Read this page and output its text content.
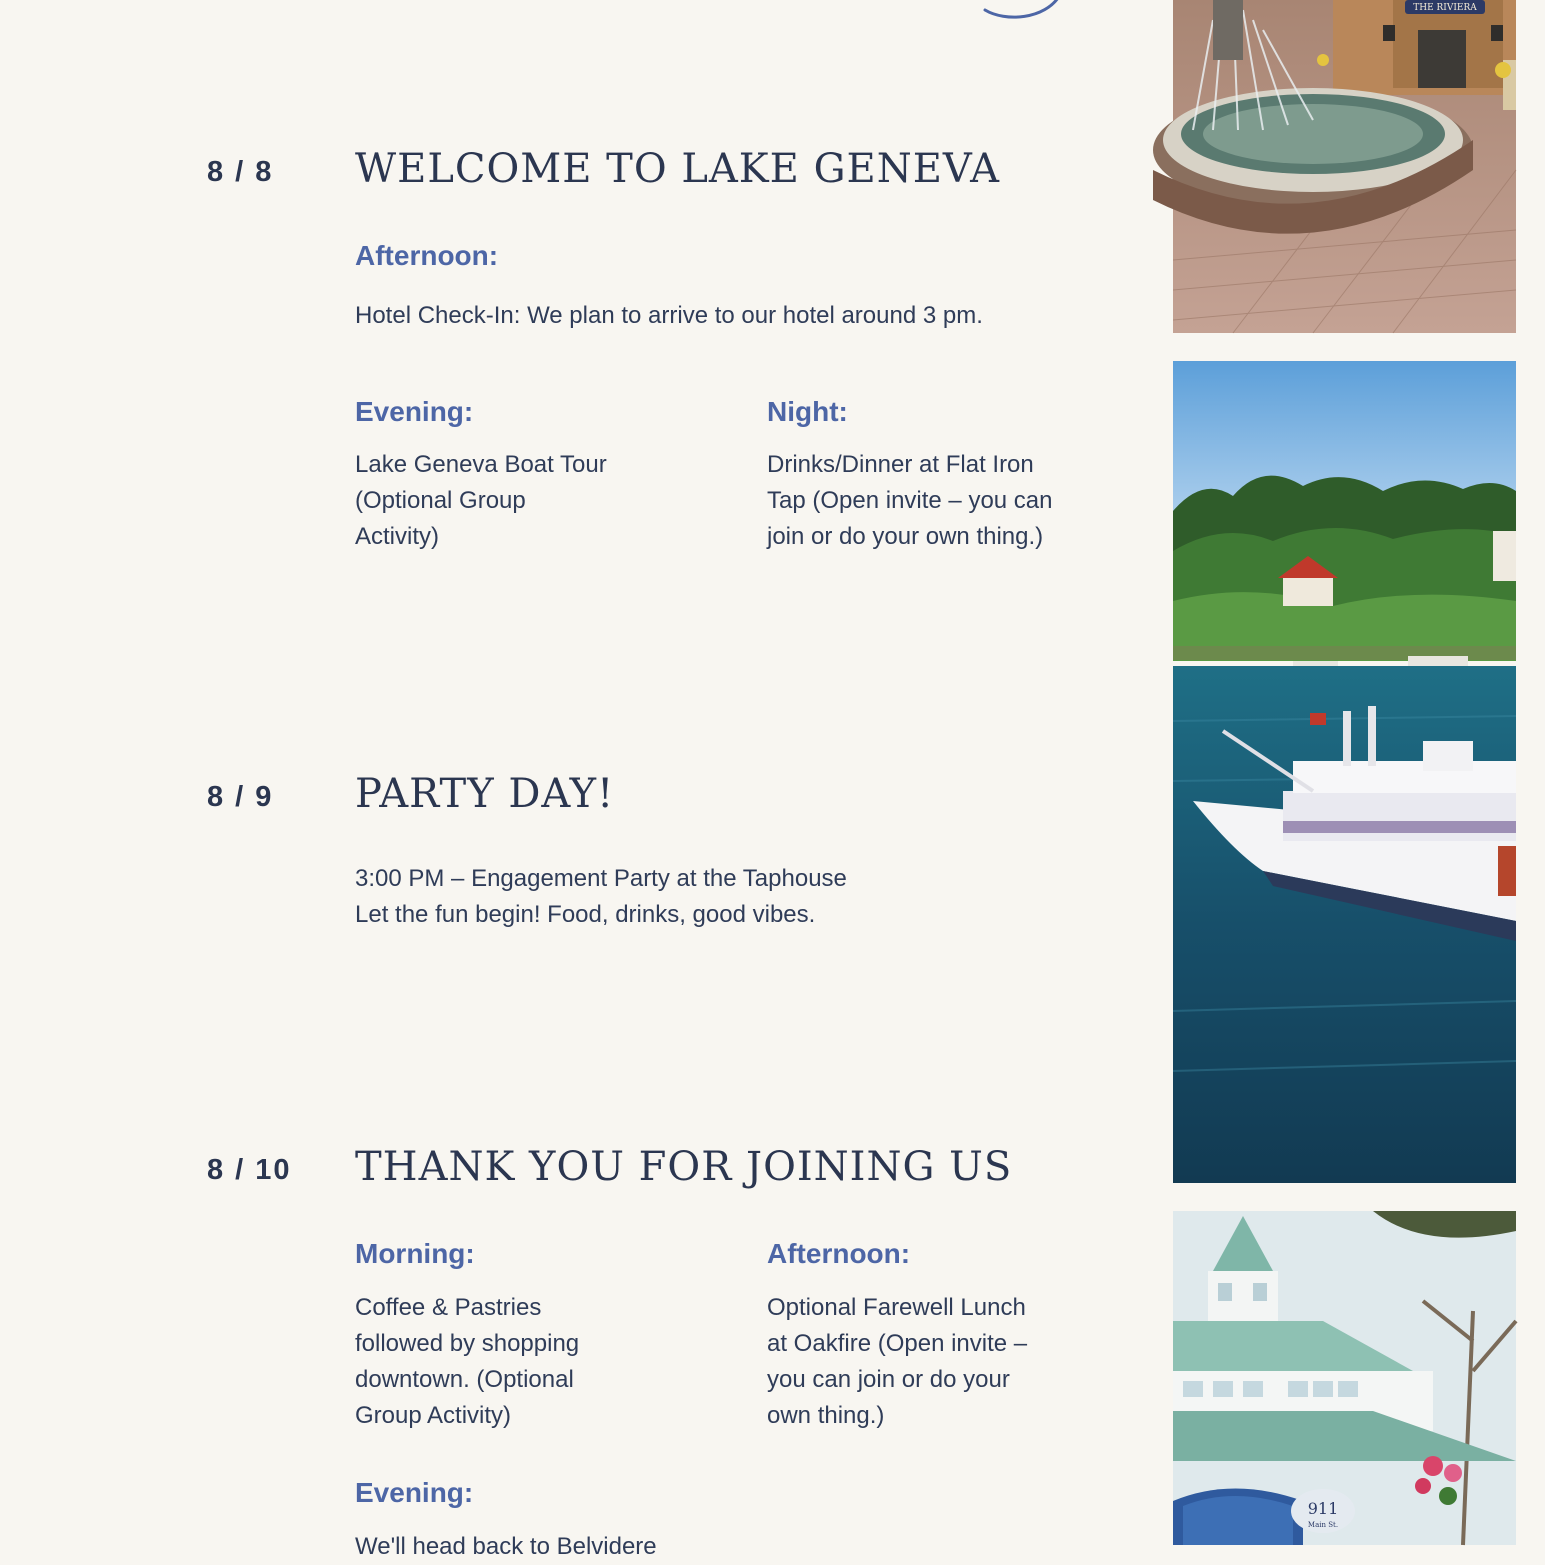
8 / 8 WELCOME TO LAKE GENEVA
Afternoon:
Hotel Check-In: We plan to arrive to our hotel around 3 pm.
Evening:
Lake Geneva Boat Tour
(Optional Group
Activity)
Night:
Drinks/Dinner at Flat Iron
Tap (Open invite – you can
join or do your own thing.)
8 / 9 PARTY DAY!
3:00 PM – Engagement Party at the Taphouse
Let the fun begin! Food, drinks, good vibes.
8 / 10 THANK YOU FOR JOINING US
Morning:
Coffee & Pastries
followed by shopping
downtown. (Optional
Group Activity)
Afternoon:
Optional Farewell Lunch
at Oakfire (Open invite –
you can join or do your
own thing.)
Evening:
We'll head back to Belvidere
THE RIVIERA
911
Main St.
